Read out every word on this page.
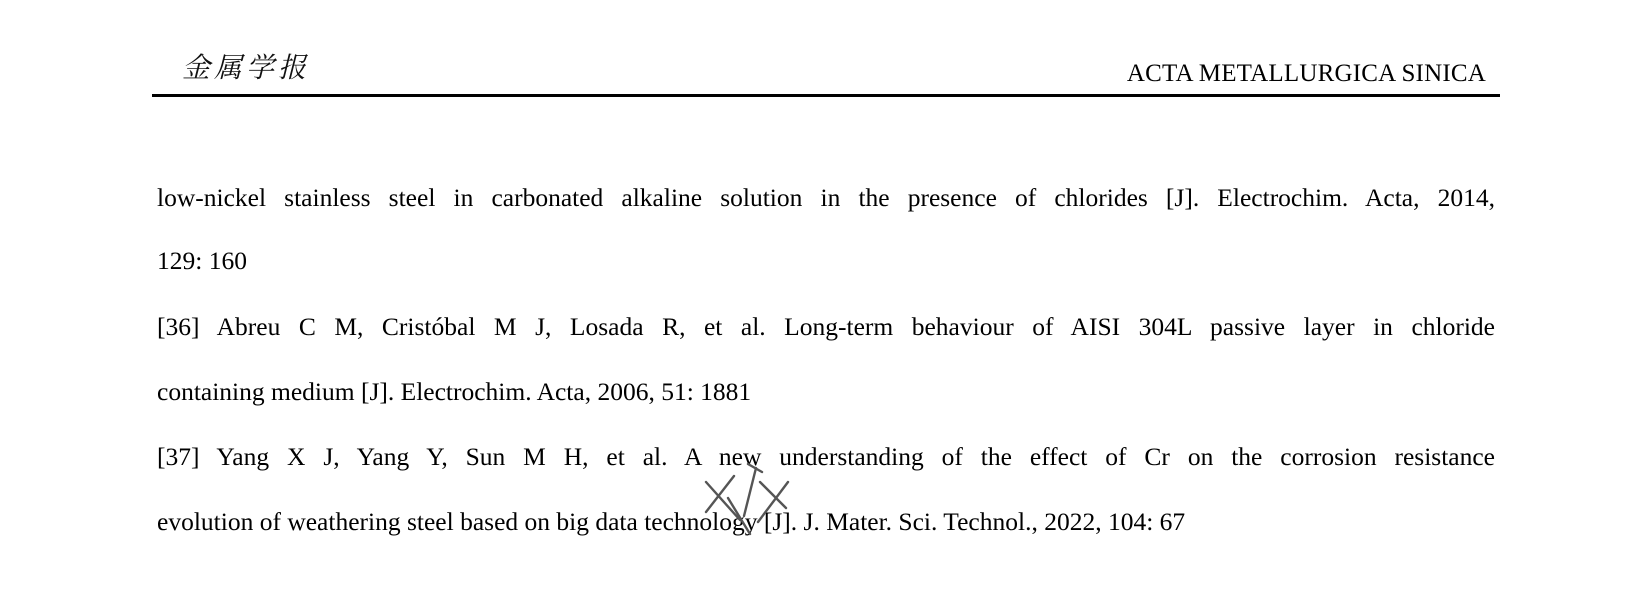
金属学报	ACTA METALLURGICA SINICA
low-nickel stainless steel in carbonated alkaline solution in the presence of chlorides [J]. Electrochim. Acta, 2014,
129: 160
[36] Abreu C M, Cristóbal M J, Losada R, et al. Long-term behaviour of AISI 304L passive layer in chloride
containing medium [J]. Electrochim. Acta, 2006, 51: 1881
[37] Yang X J, Yang Y, Sun M H, et al. A new understanding of the effect of Cr on the corrosion resistance
evolution of weathering steel based on big data technology [J]. J. Mater. Sci. Technol., 2022, 104: 67
